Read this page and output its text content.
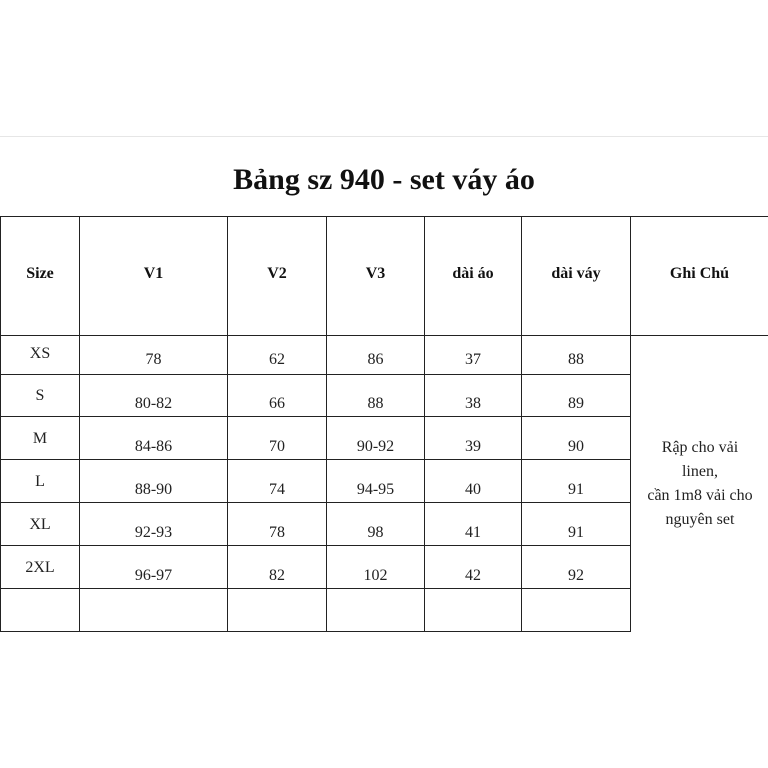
Bảng sz 940 - set váy áo
Size	V1	V2	V3	dài áo	dài váy	Ghi Chú
XS	78	62	86	37	88
S	80-82	66	88	38	89
M	84-86	70	90-92	39	90
L	88-90	74	94-95	40	91
XL	92-93	78	98	41	91
2XL	96-97	82	102	42	92
Rập cho vải
linen,
cần 1m8 vải cho
nguyên set
